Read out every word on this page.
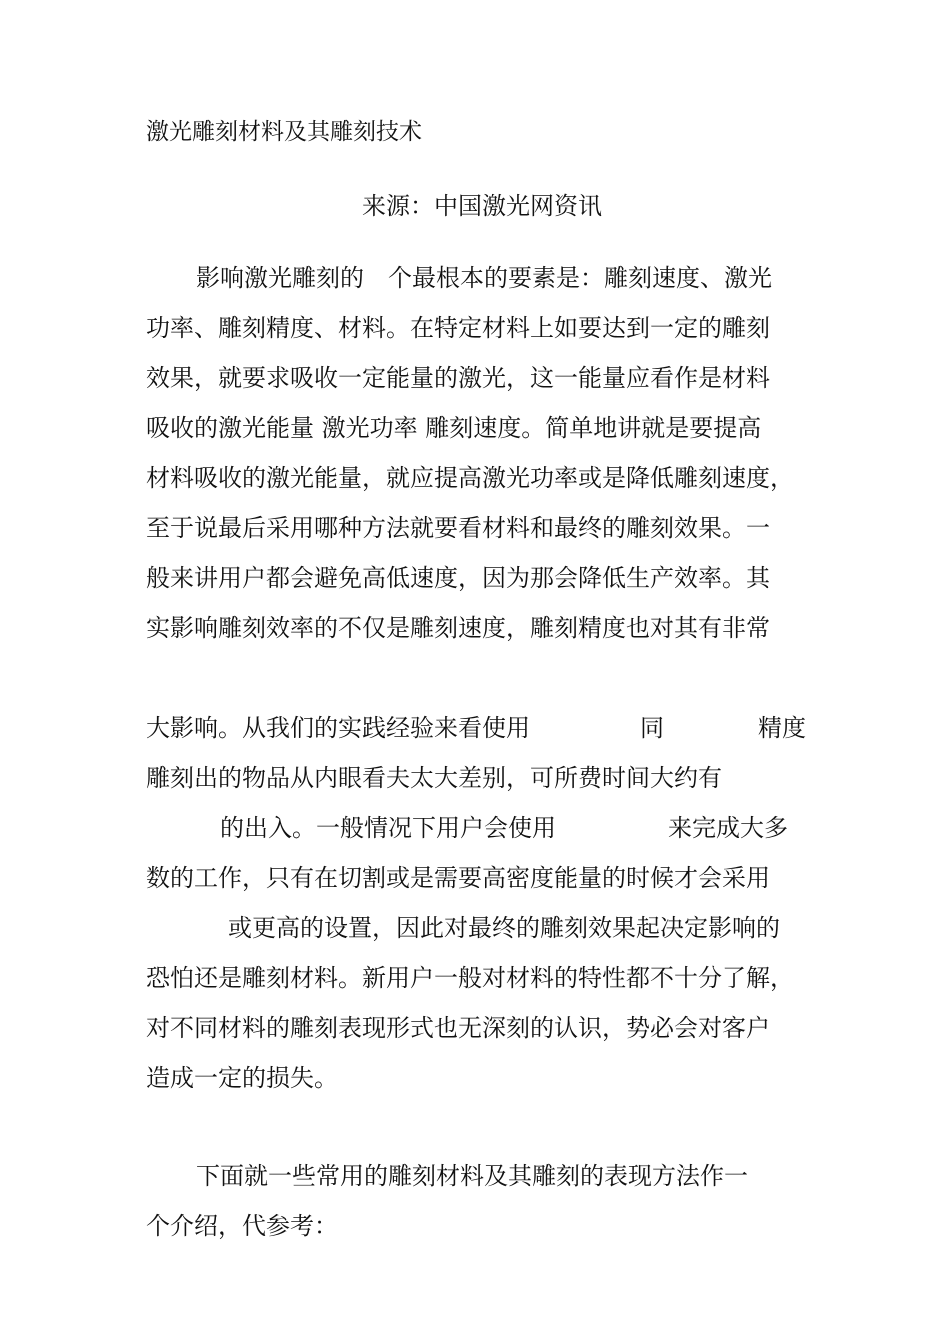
激光雕刻材料及其雕刻技术
来源：中国激光网资讯
影响激光雕刻的　个最根本的要素是：雕刻速度、激光
功率、雕刻精度、材料。在特定材料上如要达到一定的雕刻
效果，就要求吸收一定能量的激光，这一能量应看作是材料
吸收的激光能量 激光功率 雕刻速度。简单地讲就是要提高
材料吸收的激光能量，就应提高激光功率或是降低雕刻速度，
至于说最后采用哪种方法就要看材料和最终的雕刻效果。一
般来讲用户都会避免高低速度，因为那会降低生产效率。其
实影响雕刻效率的不仅是雕刻速度，雕刻精度也对其有非常
大影响。从我们的实践经验来看使用	同	精度
雕刻出的物品从内眼看夫太大差别，可所费时间大约有
的出入。一般情况下用户会使用	来完成大多
数的工作，只有在切割或是需要高密度能量的时候才会采用
或更高的设置，因此对最终的雕刻效果起决定影响的
恐怕还是雕刻材料。新用户一般对材料的特性都不十分了解，
对不同材料的雕刻表现形式也无深刻的认识，势必会对客户
造成一定的损失。
下面就一些常用的雕刻材料及其雕刻的表现方法作一
个介绍，代参考：
